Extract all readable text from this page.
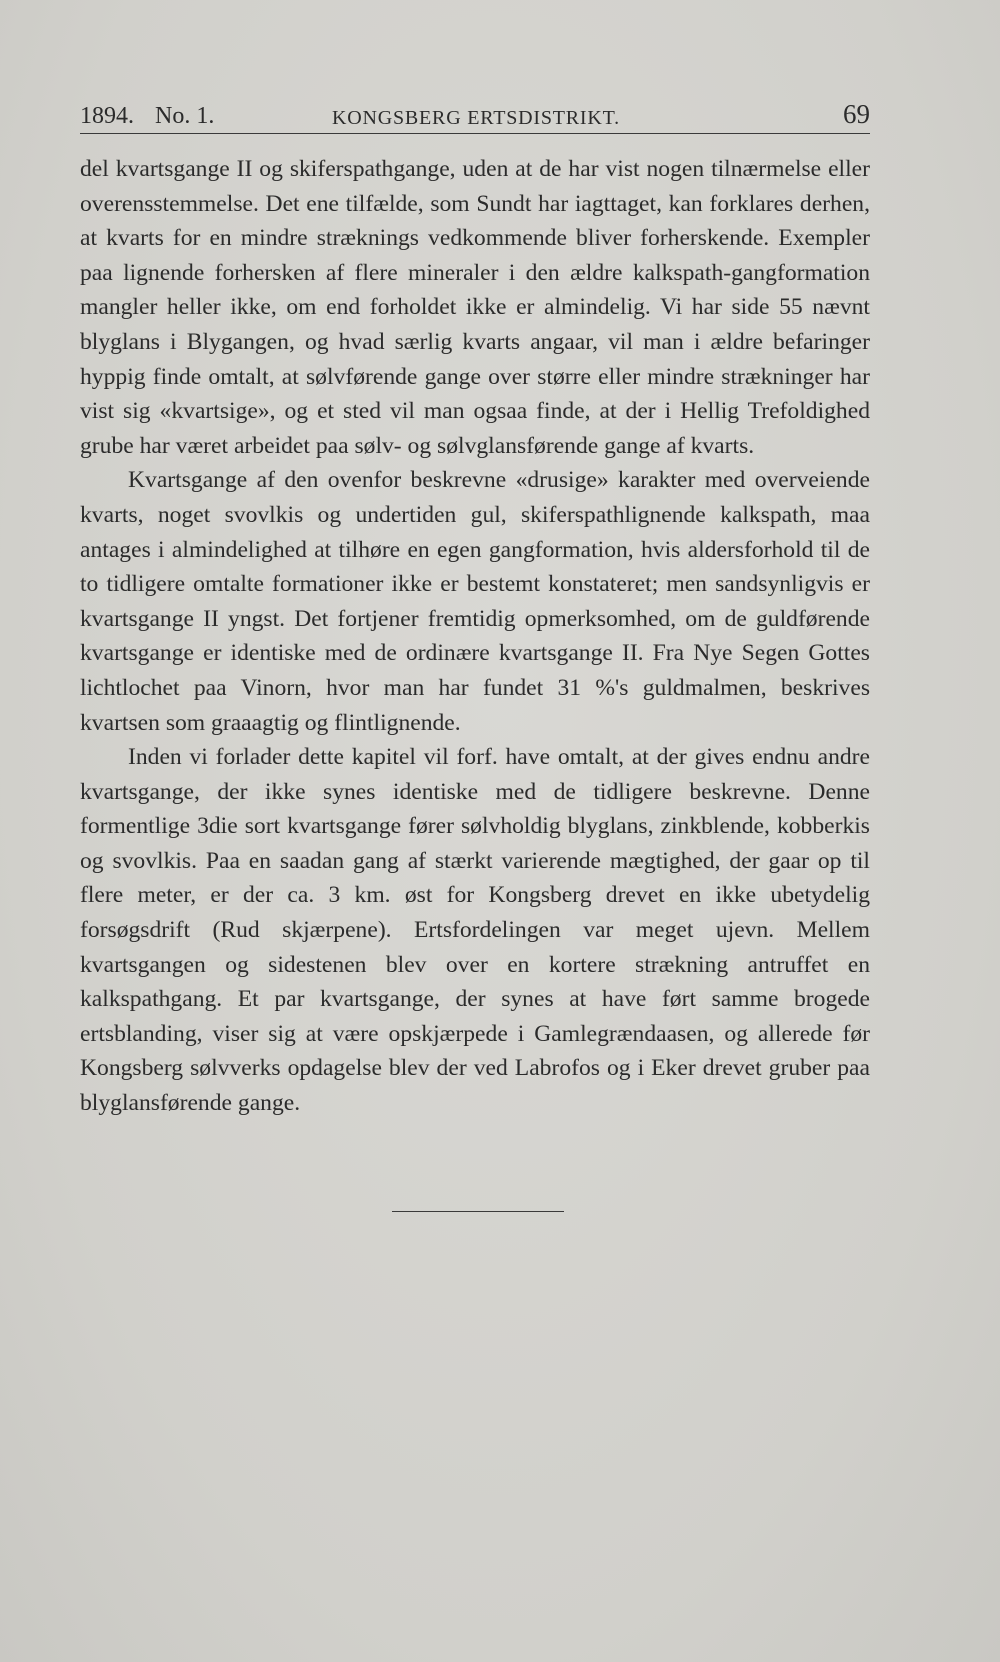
1894. No. 1.	KONGSBERG ERTSDISTRIKT.	69

del kvartsgange II og skiferspathgange, uden at de har vist nogen tilnærmelse eller overensstemmelse. Det ene tilfælde, som Sundt har iagttaget, kan forklares derhen, at kvarts for en mindre stræknings vedkommende bliver forherskende. Exempler paa lignende forhersken af flere mineraler i den ældre kalkspath-gangformation mangler heller ikke, om end forholdet ikke er almindelig. Vi har side 55 nævnt blyglans i Blygangen, og hvad særlig kvarts angaar, vil man i ældre befaringer hyppig finde omtalt, at sølvførende gange over større eller mindre strækninger har vist sig «kvartsige», og et sted vil man ogsaa finde, at der i Hellig Trefoldighed grube har været arbeidet paa sølv- og sølvglansførende gange af kvarts.

Kvartsgange af den ovenfor beskrevne «drusige» karakter med overveiende kvarts, noget svovlkis og undertiden gul, skiferspathlignende kalkspath, maa antages i almindelighed at tilhøre en egen gangformation, hvis aldersforhold til de to tidligere omtalte formationer ikke er bestemt konstateret; men sandsynligvis er kvartsgange II yngst. Det fortjener fremtidig opmerksomhed, om de guldførende kvartsgange er identiske med de ordinære kvartsgange II. Fra Nye Segen Gottes lichtlochet paa Vinorn, hvor man har fundet 31 %'s guldmalmen, beskrives kvartsen som graaagtig og flintlignende.

Inden vi forlader dette kapitel vil forf. have omtalt, at der gives endnu andre kvartsgange, der ikke synes identiske med de tidligere beskrevne. Denne formentlige 3die sort kvartsgange fører sølvholdig blyglans, zinkblende, kobberkis og svovlkis. Paa en saadan gang af stærkt varierende mægtighed, der gaar op til flere meter, er der ca. 3 km. øst for Kongsberg drevet en ikke ubetydelig forsøgsdrift (Rud skjærpene). Ertsfordelingen var meget ujevn. Mellem kvartsgangen og sidestenen blev over en kortere strækning antruffet en kalkspathgang. Et par kvartsgange, der synes at have ført samme brogede ertsblanding, viser sig at være opskjærpede i Gamlegrændaasen, og allerede før Kongsberg sølvverks opdagelse blev der ved Labrofos og i Eker drevet gruber paa blyglansførende gange.
